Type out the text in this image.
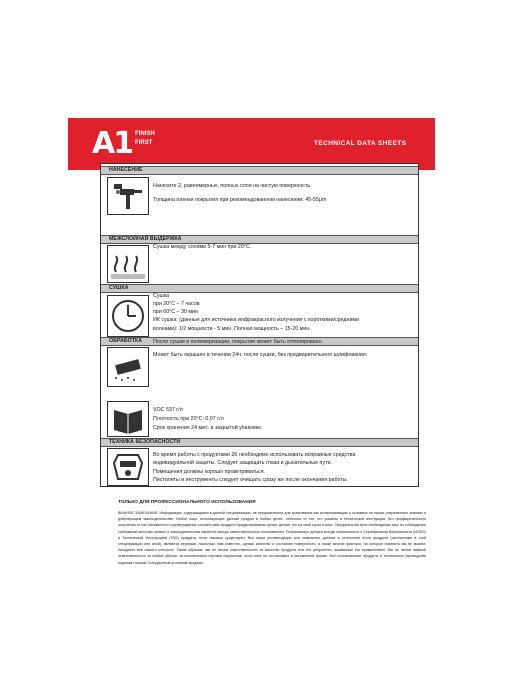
A1 FINISH
FIRST	TECHNICAL DATA SHEETS
НАНЕСЕНИЕ
Нанесите 2, равномерных, полных слоя на чистую поверхность.
Толщина пленки покрытия при рекомендованном нанесении: 45-55μm
МЕЖСЛОЙНАЯ ВЫДЕРЖКА
Сушка между слоями 5-7 мин при 20°C.
СУШКА
Сушка
при 20°C – 7 часов
при 60°C – 30 мин
ИК сушка: (данные для источника инфракрасного излучения с короткими/средними
волнами): 1/2 мощности - 5 мин. Полная мощность – 15-20 мин.
ОБРАБОТКА После сушки и полимеризации, покрытие может быть отполировано.
Может быть окрашен в течении 24ч. после сушки, без предварительного шлифования.
VOC 537 г/л
Плотность при 20°C: 0,97 г/л
Срок хранения 24 мес. в закрытой упаковке.
ТЕХНИКА БЕЗОПАСНОСТИ
Во время работы с продуктами 2К необходимо использовать исправные средства
индивидуальной защиты. Следует защищать глаза и дыхательные пути.
Помещения должны хорошо проветриваться.
Пистолеты и инструменты следует очищать сразу же после окончания работы.
ТОЛЬКО ДЛЯ ПРОФЕССИОНАЛЬНОГО ИСПОЛЬЗОВАНИЯ
ВАЖНОЕ ЗАМЕЧАНИЕ: Информация, содержащаяся в данной спецификации, не предназначена для трактования как исчерпывающая и основана на наших современных знаниях и действующем законодательстве. Любое лицо, использующее данный продукт в любых целях, отличных от тех, что указаны в технической инструкции, без предварительного получения от нас письменного подтверждения соответствия продукта предполагаемым целям, делает это на свой страх и риск. Предпринятие всех необходимых мер по соблюдению требований местных правил и законодательства является всегда ответственностью пользователя. Пользователь должен всегда ознакомиться с Сертификатом Безопасности (MSDS) и Технической Инструкцией (TDS) продукта, если таковые существуют. Все наши рекомендации или заявления, данные в отношении этого продукта (изложенные в этой спецификации или иной), являются верными, насколько нам известно, однако качество и состояние поверхности, а также многие факторы, на которые повлиять мы не можем, находятся вне нашего контроля. Таким образом, мы не несем ответственности за качество продукта или его результаты, вызванные его применением. Мы не несем никакой ответственности за любые убытки, за исключением случаев нарушения, если иное не согласовано в письменной форме. Все поставляемые продукты и техническое руководство подлежат нашим Стандартным условиям продажи.
